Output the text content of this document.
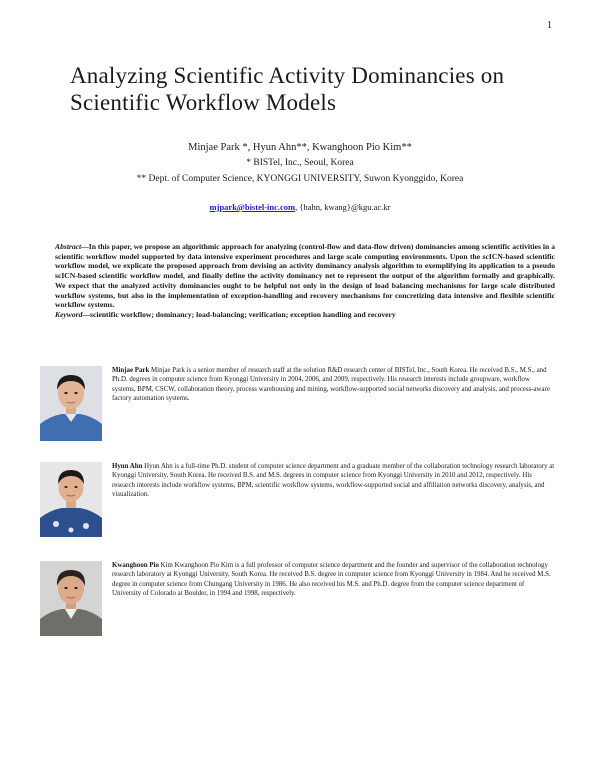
1
Analyzing Scientific Activity Dominancies on
Scientific Workflow Models
Minjae Park *, Hyun Ahn**, Kwanghoon Pio Kim**
* BISTel, Inc., Seoul, Korea
** Dept. of Computer Science, KYONGGI UNIVERSITY, Suwon Kyonggido, Korea
mjpark@bistel-inc.com, {hahn, kwang}@kgu.ac.kr
Abstract—In this paper, we propose an algorithmic approach for analyzing (control-flow and data-flow driven) dominancies among scientific activities in a scientific workflow model supported by data intensive experiment procedures and large scale computing environments. Upon the scICN-based scientific workflow model, we explicate the proposed approach from devising an activity dominancy analysis algorithm to exemplifying its application to a pseudo scICN-based scientific workflow model, and finally define the activity dominancy net to represent the output of the algorithm formally and graphically. We expect that the analyzed activity dominancies ought to be helpful not only in the design of load balancing mechanisms for large scale distributed workflow systems, but also in the implementation of exception-handling and recovery mechanisms for concretizing data intensive and flexible scientific workflow systems.
Keyword—scientific workflow; dominancy; load-balancing; verification; exception handling and recovery
Minjae Park Minjae Park is a senior member of research staff at the solution R&D research center of BISTel, Inc., South Korea. He received B.S., M.S., and Ph.D. degrees in computer science from Kyonggi University in 2004, 2006, and 2009, respectively. His research interests include groupware, workflow systems, BPM, CSCW, collaboration theory, process warehousing and mining, workflow-supported social networks discovery and analysis, and process-aware factory automation systems.
Hyun Ahn Hyun Ahn is a full-time Ph.D. student of computer science department and a graduate member of the collaboration technology research laboratory at Kyonggi University, South Korea. He received B.S. and M.S. degrees in computer science from Kyonggi University in 2010 and 2012, respectively. His research interests include workflow systems, BPM, scientific workflow systems, workflow-supported social and affiliation networks discovery, analysis, and visualization.
Kwanghoon Pio Kim Kwanghoon Pio Kim is a full professor of computer science department and the founder and supervisor of the collaboration technology research laboratory at Kyonggi University, South Korea. He received B.S. degree in computer science from Kyonggi University in 1984. And he received M.S. degree in computer science from Chungang University in 1986. He also received his M.S. and Ph.D. degree from the computer science department of University of Colorado at Boulder, in 1994 and 1998, respectively.
